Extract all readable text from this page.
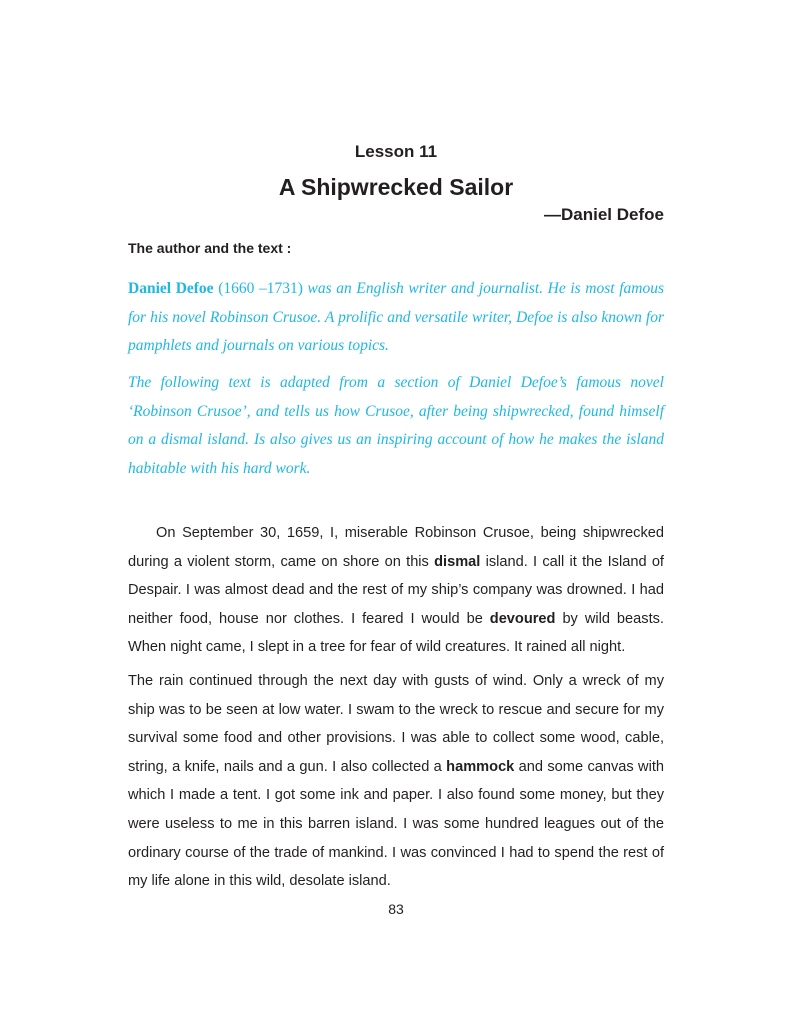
Lesson 11
A Shipwrecked Sailor
—Daniel Defoe
The author and the text :

Daniel Defoe (1660 –1731) was an English writer and journalist. He is most famous for his novel Robinson Crusoe. A prolific and versatile writer, Defoe is also known for pamphlets and journals on various topics.

The following text is adapted from a section of Daniel Defoe’s famous novel ‘Robinson Crusoe’, and tells us how Crusoe, after being shipwrecked, found himself on a dismal island. Is also gives us an inspiring account of how he makes the island habitable with his hard work.

On September 30, 1659, I, miserable Robinson Crusoe, being shipwrecked during a violent storm, came on shore on this dismal island. I call it the Island of Despair. I was almost dead and the rest of my ship’s company was drowned. I had neither food, house nor clothes. I feared I would be devoured by wild beasts. When night came, I slept in a tree for fear of wild creatures. It rained all night.

The rain continued through the next day with gusts of wind. Only a wreck of my ship was to be seen at low water. I swam to the wreck to rescue and secure for my survival some food and other provisions. I was able to collect some wood, cable, string, a knife, nails and a gun. I also collected a hammock and some canvas with which I made a tent. I got some ink and paper. I also found some money, but they were useless to me in this barren island. I was some hundred leagues out of the ordinary course of the trade of mankind. I was convinced I had to spend the rest of my life alone in this wild, desolate island.

83
